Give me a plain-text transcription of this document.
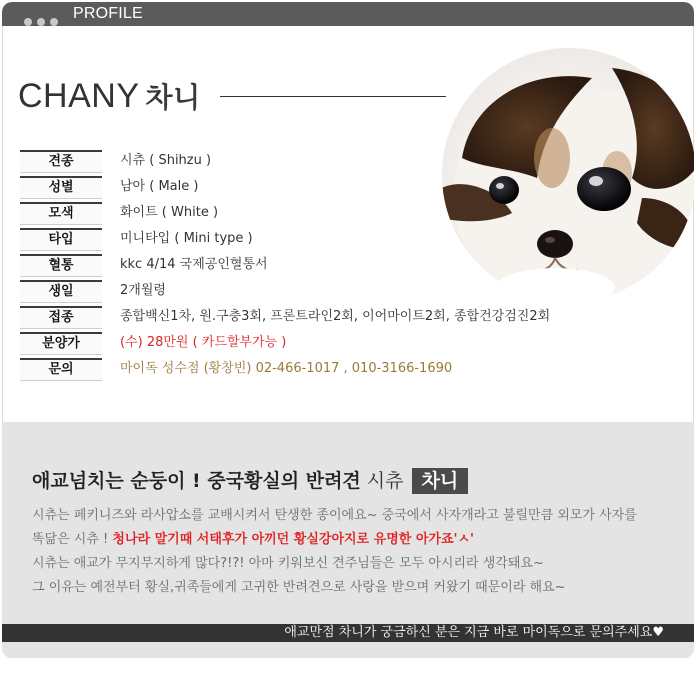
PROFILE
CHANY 차니
견종	시츄 ( Shihzu )
성별	남아 ( Male )
모색	화이트 ( White )
타입	미니타입 ( Mini type )
혈통	kkc 4/14 국제공인혈통서
생일	2개월령
접종	종합백신1차, 원.구충3회, 프론트라인2회, 이어마이트2회, 종합건강검진2회
분양가	(수) 28만원 ( 카드할부가능 )
문의	마이독 성수점 (황창빈) 02-466-1017 , 010-3166-1690
애교넘치는 순둥이 ! 중국황실의 반려견 시츄 차니
시츄는 페키니즈와 라사압소를 교배시켜서 탄생한 종이에요~ 중국에서 사자개라고 불릴만큼 외모가 사자를
똑닮은 시츄 ! 청나라 말기때 서태후가 아끼던 황실강아지로 유명한 아가죠'ㅅ'
시츄는 애교가 무지무지하게 많다?!?! 아마 키워보신 견주님들은 모두 아시리라 생각돼요~
그 이유는 예전부터 황실,귀족들에게 고귀한 반려견으로 사랑을 받으며 커왔기 때문이라 해요~
애교만점 차니가 궁금하신 분은 지금 바로 마이독으로 문의주세요♥
